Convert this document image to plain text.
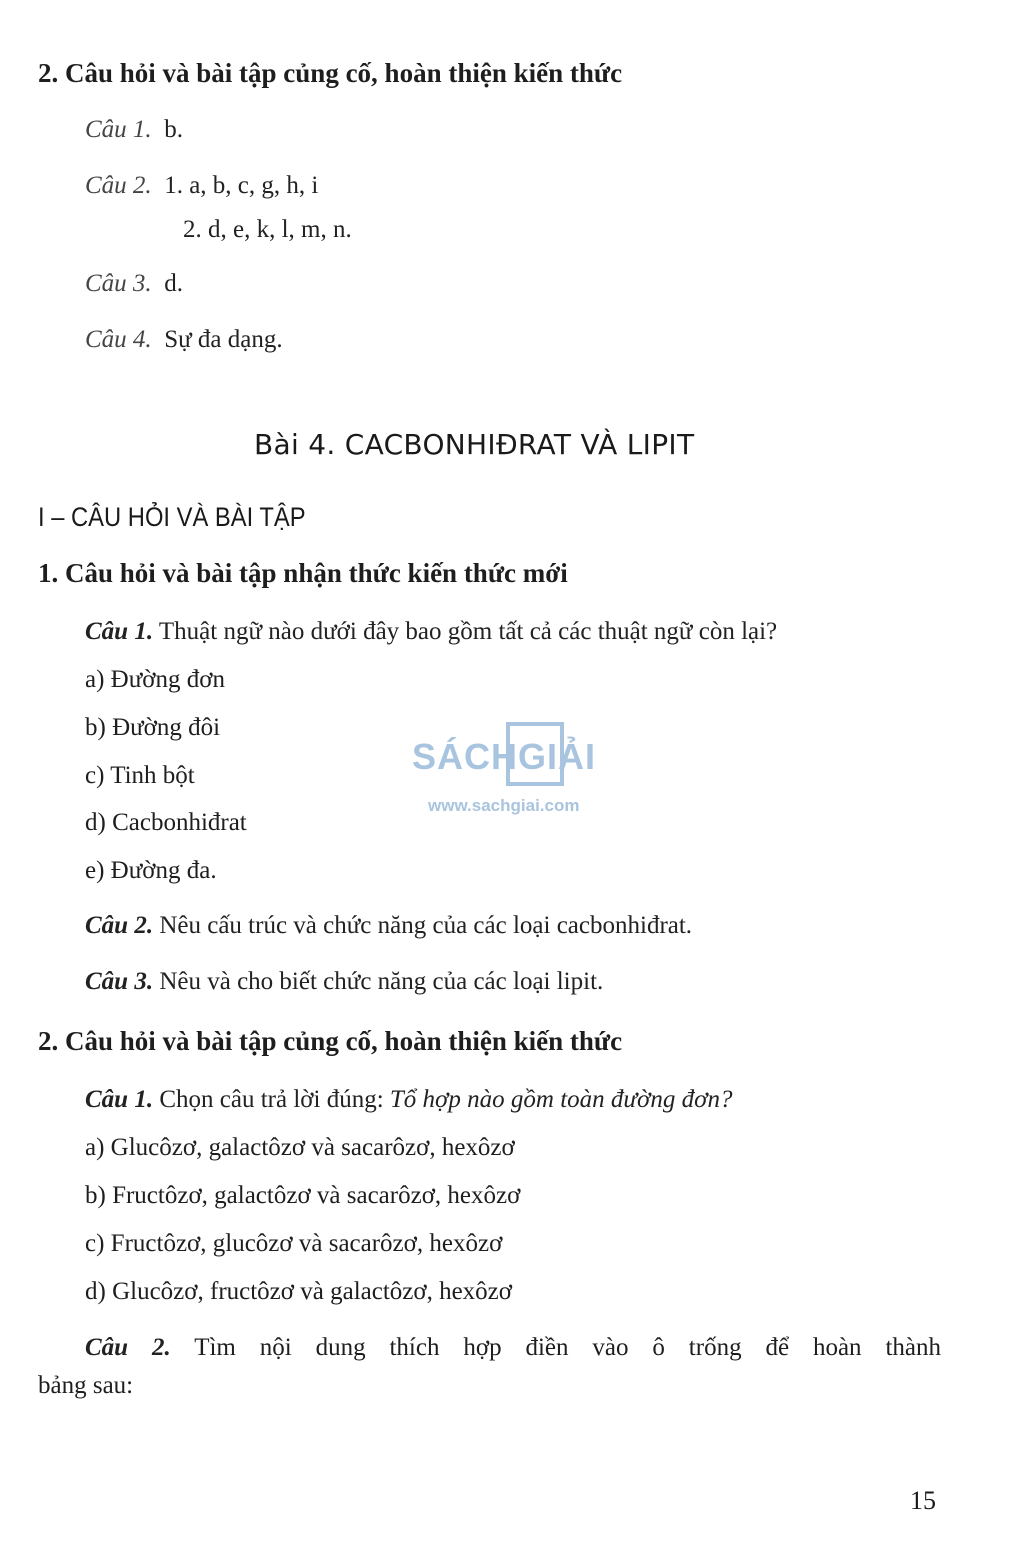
2. Câu hỏi và bài tập củng cố, hoàn thiện kiến thức
Câu 1. b.
Câu 2. 1. a, b, c, g, h, i
2. d, e, k, l, m, n.
Câu 3. d.
Câu 4. Sự đa dạng.
Bài 4. CACBONHIĐRAT VÀ LIPIT
I – CÂU HỎI VÀ BÀI TẬP
1. Câu hỏi và bài tập nhận thức kiến thức mới
Câu 1. Thuật ngữ nào dưới đây bao gồm tất cả các thuật ngữ còn lại?
a) Đường đơn
b) Đường đôi
c) Tinh bột
d) Cacbonhiđrat
e) Đường đa.
Câu 2. Nêu cấu trúc và chức năng của các loại cacbonhiđrat.
Câu 3. Nêu và cho biết chức năng của các loại lipit.
2. Câu hỏi và bài tập củng cố, hoàn thiện kiến thức
Câu 1. Chọn câu trả lời đúng: Tổ hợp nào gồm toàn đường đơn?
a) Glucôzơ, galactôzơ và sacarôzơ, hexôzơ
b) Fructôzơ, galactôzơ và sacarôzơ, hexôzơ
c) Fructôzơ, glucôzơ và sacarôzơ, hexôzơ
d) Glucôzơ, fructôzơ và galactôzơ, hexôzơ
Câu 2. Tìm nội dung thích hợp điền vào ô trống để hoàn thành
bảng sau:
SÁCHGIẢI
www.sachgiai.com
15
